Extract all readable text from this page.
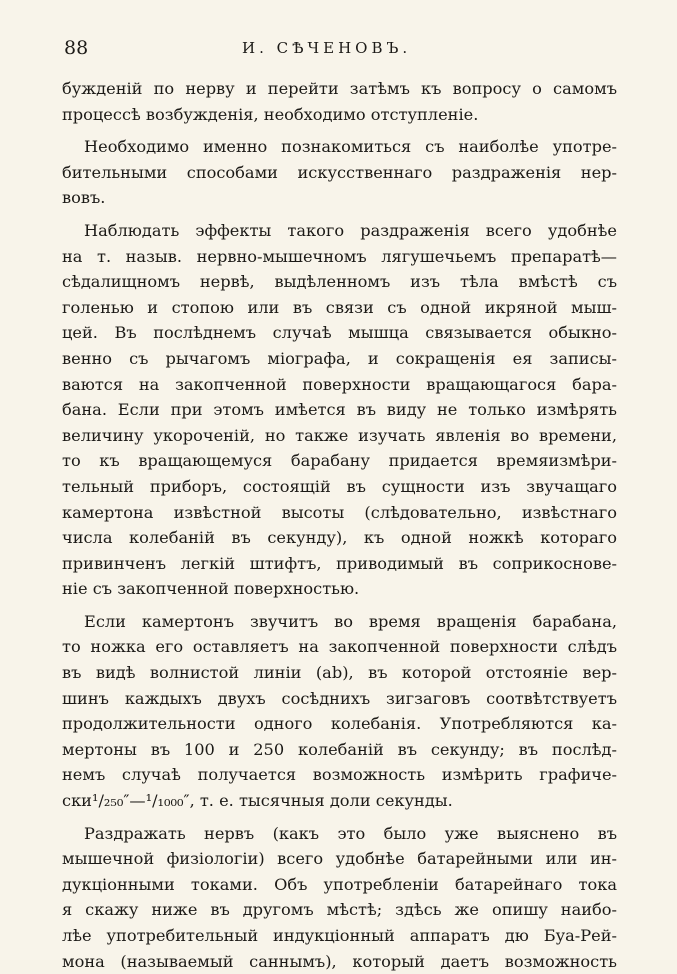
88	И. СѢЧЕНОВЪ.
бужденiй по нерву и перейти затѣмъ къ вопросу о самомъ
процессѣ возбужденiя, необходимо отступленiе.
Необходимо именно познакомиться съ наиболѣе употре-
бительными способами искусственнаго раздраженiя нер-
вовъ.
Наблюдать эффекты такого раздраженiя всего удобнѣе
на т. назыв. нервно-мышечномъ лягушечьемъ препаратѣ—
сѣдалищномъ нервѣ, выдѣленномъ изъ тѣла вмѣстѣ съ
голенью и стопою или въ связи съ одной икряной мыш-
цей. Въ послѣднемъ случаѣ мышца связывается обыкно-
венно съ рычагомъ мiографа, и сокращенiя ея записы-
ваются на закопченной поверхности вращающагося бара-
бана. Если при этомъ имѣется въ виду не только измѣрять
величину укороченiй, но также изучать явленiя во времени,
то къ вращающемуся барабану придается времяизмѣри-
тельный приборъ, состоящiй въ сущности изъ звучащаго
камертона извѣстной высоты (слѣдовательно, извѣстнаго
числа колебанiй въ секунду), къ одной ножкѣ котораго
привинченъ легкiй штифтъ, приводимый въ соприкоснове-
нiе съ закопченной поверхностью.
Если камертонъ звучитъ во время вращенiя барабана,
то ножка его оставляетъ на закопченной поверхности слѣдъ
въ видѣ волнистой линiи (ab), въ которой отстоянiе вер-
шинъ каждыхъ двухъ сосѣднихъ зигзаговъ соотвѣтствуетъ
продолжительности одного колебанiя. Употребляются ка-
мертоны въ 100 и 250 колебанiй въ секунду; въ послѣд-
немъ случаѣ получается возможность измѣрить графиче-
ски¹/₂₅₀″—¹/₁₀₀₀″, т. е. тысячныя доли секунды.
Раздражать нервъ (какъ это было уже выяснено въ
мышечной физiологiи) всего удобнѣе батарейными или ин-
дукцiонными токами. Объ употребленiи батарейнаго тока
я скажу ниже въ другомъ мѣстѣ; здѣсь же опишу наибо-
лѣе употребительный индукцiонный аппаратъ дю Буа-Рей-
мона (называемый саннымъ), который даетъ возможность
